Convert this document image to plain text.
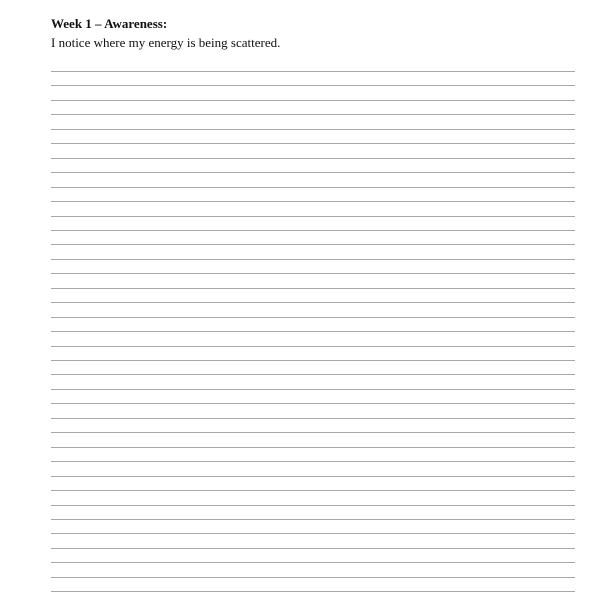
Week 1 – Awareness:
I notice where my energy is being scattered.
